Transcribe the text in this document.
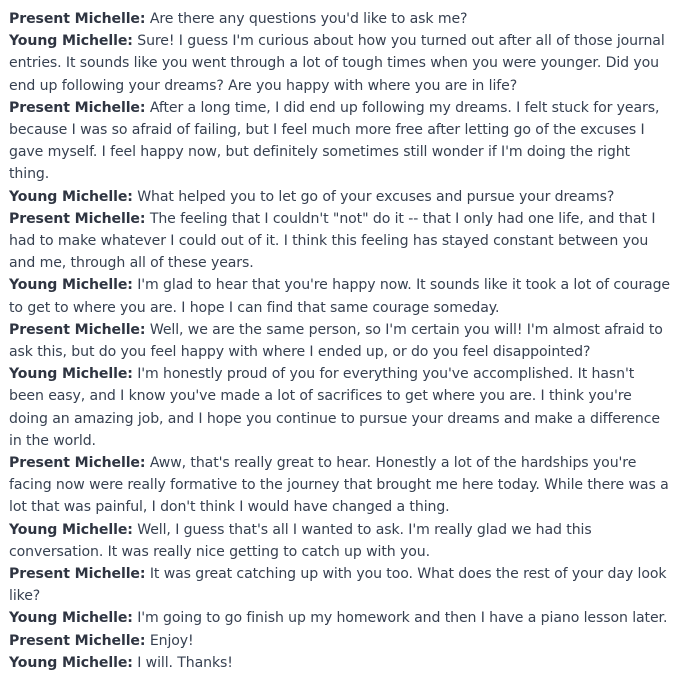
Present Michelle: Are there any questions you'd like to ask me?

Young Michelle: Sure! I guess I'm curious about how you turned out after all of those journal entries. It sounds like you went through a lot of tough times when you were younger. Did you end up following your dreams? Are you happy with where you are in life?

Present Michelle: After a long time, I did end up following my dreams. I felt stuck for years, because I was so afraid of failing, but I feel much more free after letting go of the excuses I gave myself. I feel happy now, but definitely sometimes still wonder if I'm doing the right thing.

Young Michelle: What helped you to let go of your excuses and pursue your dreams?

Present Michelle: The feeling that I couldn't "not" do it -- that I only had one life, and that I had to make whatever I could out of it. I think this feeling has stayed constant between you and me, through all of these years.

Young Michelle: I'm glad to hear that you're happy now. It sounds like it took a lot of courage to get to where you are. I hope I can find that same courage someday.

Present Michelle: Well, we are the same person, so I'm certain you will! I'm almost afraid to ask this, but do you feel happy with where I ended up, or do you feel disappointed?

Young Michelle: I'm honestly proud of you for everything you've accomplished. It hasn't been easy, and I know you've made a lot of sacrifices to get where you are. I think you're doing an amazing job, and I hope you continue to pursue your dreams and make a difference in the world.

Present Michelle: Aww, that's really great to hear. Honestly a lot of the hardships you're facing now were really formative to the journey that brought me here today. While there was a lot that was painful, I don't think I would have changed a thing.

Young Michelle: Well, I guess that's all I wanted to ask. I'm really glad we had this conversation. It was really nice getting to catch up with you.

Present Michelle: It was great catching up with you too. What does the rest of your day look like?

Young Michelle: I'm going to go finish up my homework and then I have a piano lesson later.

Present Michelle: Enjoy!

Young Michelle: I will. Thanks!
